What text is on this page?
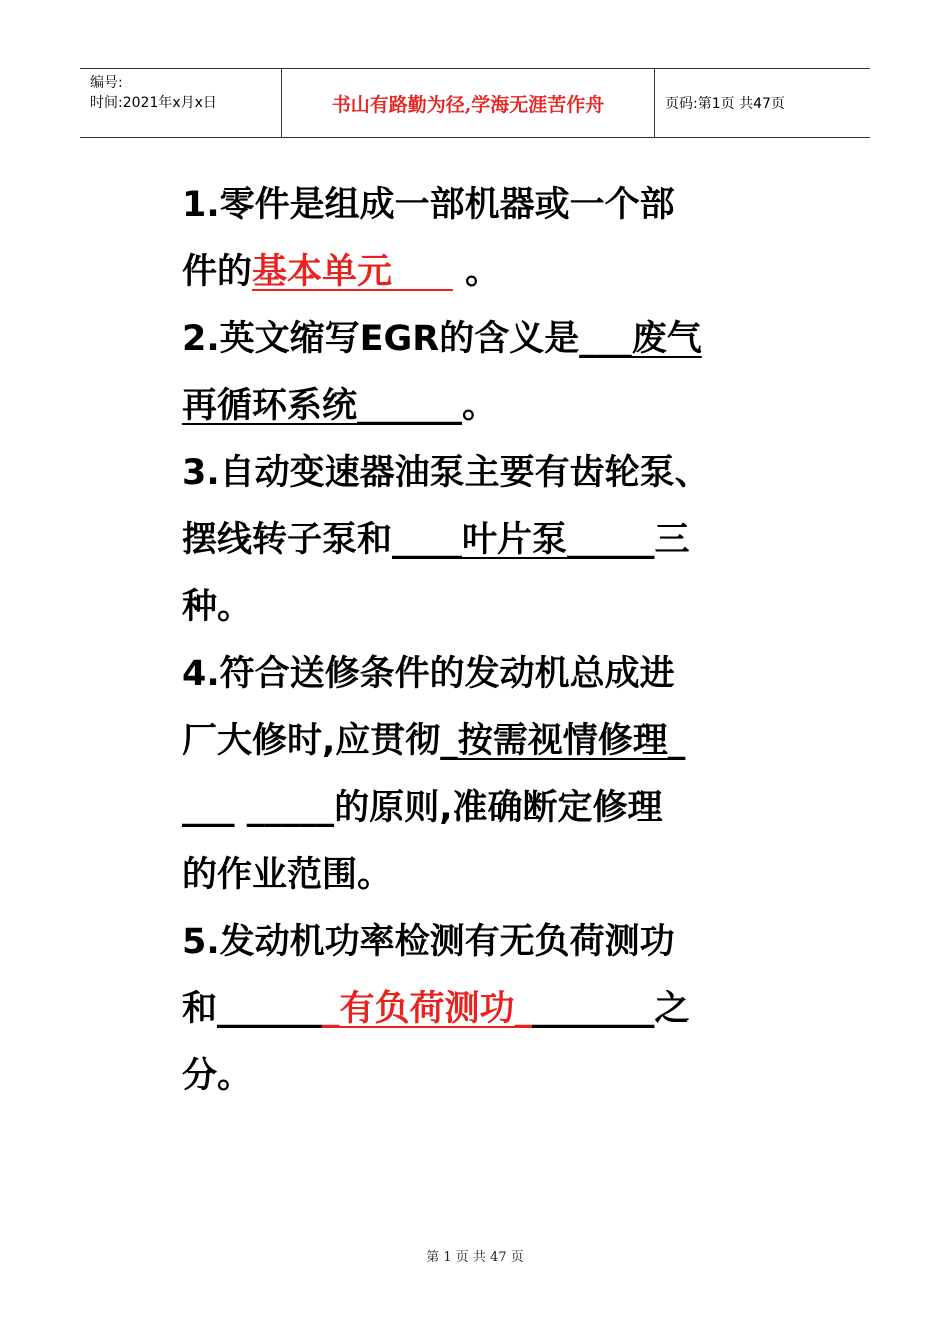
编号:
时间:2021年x月x日	书山有路勤为径,学海无涯苦作舟	页码:第1页 共47页
1.零件是组成一部机器或一个部
件的基本单元      。
2.英文缩写EGR的含义是___废气
再循环系统______。
3.自动变速器油泵主要有齿轮泵、
摆线转子泵和____叶片泵_____三
种。
4.符合送修条件的发动机总成进
厂大修时,应贯彻_按需视情修理_
___ _____的原则,准确断定修理
的作业范围。
5.发动机功率检测有无负荷测功
和_______有负荷测功________之
分。
第 1 页 共 47 页
